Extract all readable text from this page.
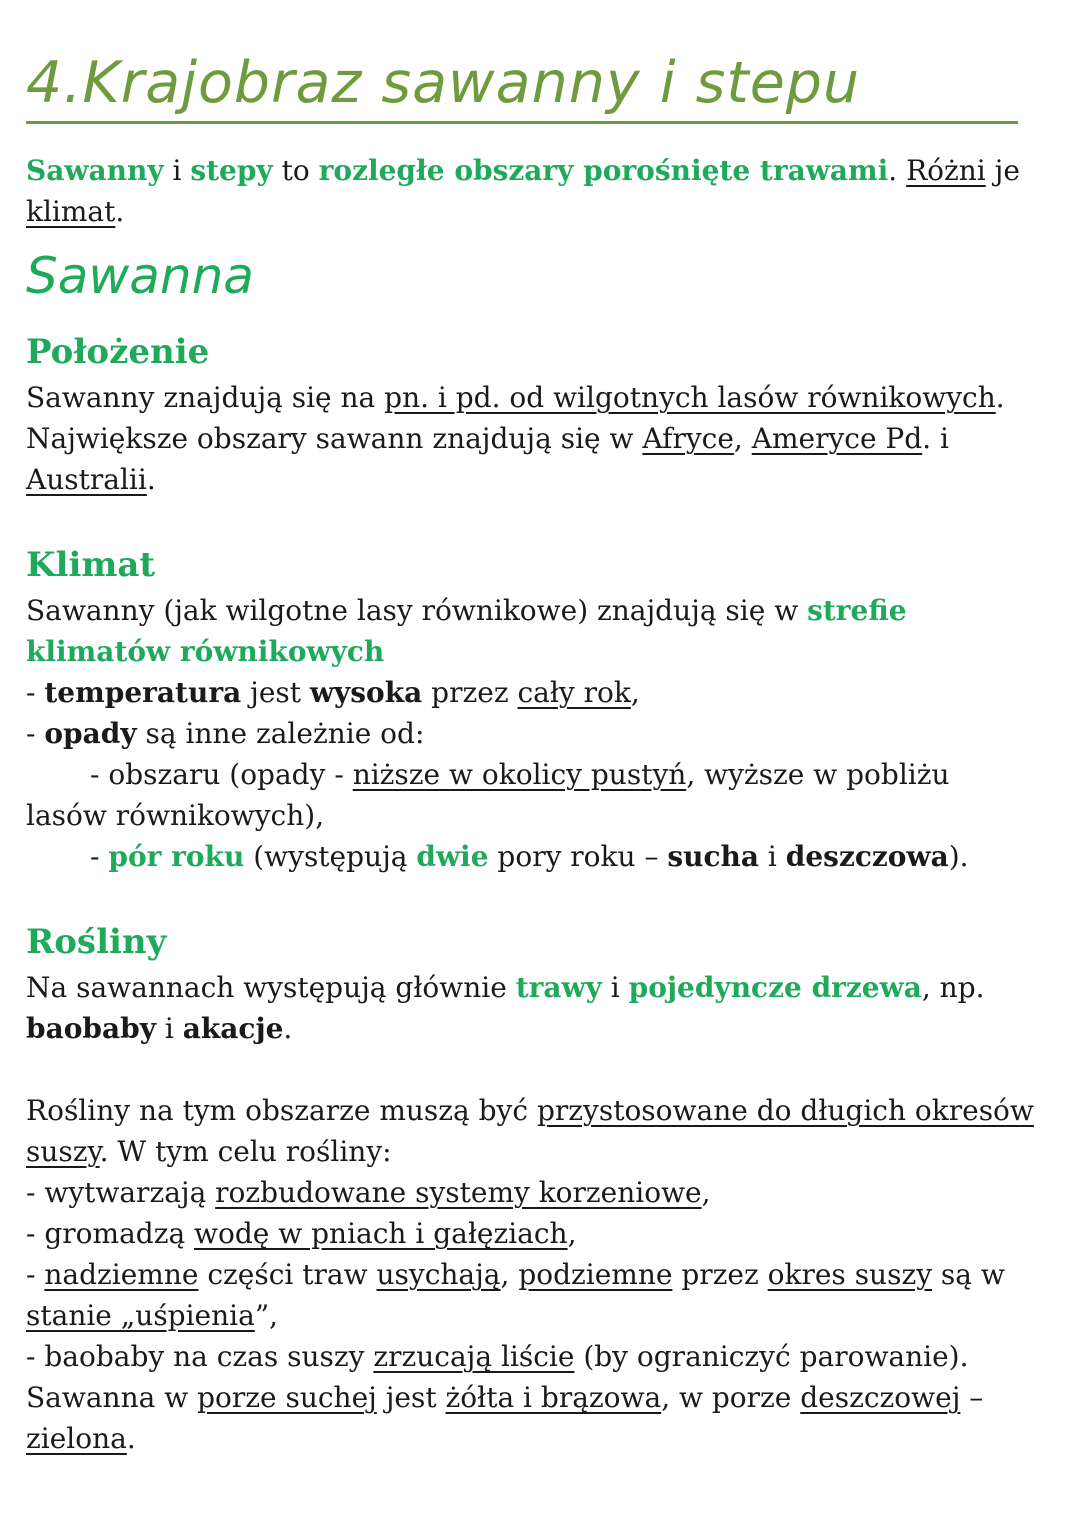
4.Krajobraz sawanny i stepu

Sawanny i stepy to rozległe obszary porośnięte trawami. Różni je
klimat.

Sawanna
Położenie

Sawanny znajdują się na pn. i pd. od wilgotnych lasów równikowych.
Największe obszary sawann znajdują się w Afryce, Ameryce Pd. i
Australii.

Klimat

Sawanny (jak wilgotne lasy równikowe) znajdują się w strefie
klimatów równikowych
- temperatura jest wysoka przez cały rok,
- opady są inne zależnie od:
- obszaru (opady - niższe w okolicy pustyń, wyższe w pobliżu
lasów równikowych),
- pór roku (występują dwie pory roku – sucha i deszczowa).

Rośliny

Na sawannach występują głównie trawy i pojedyncze drzewa, np.
baobaby i akacje.

Rośliny na tym obszarze muszą być przystosowane do długich okresów
suszy. W tym celu rośliny:
- wytwarzają rozbudowane systemy korzeniowe,
- gromadzą wodę w pniach i gałęziach,
- nadziemne części traw usychają, podziemne przez okres suszy są w
stanie „uśpienia”,
- baobaby na czas suszy zrzucają liście (by ograniczyć parowanie).
Sawanna w porze suchej jest żółta i brązowa, w porze deszczowej –
zielona.
